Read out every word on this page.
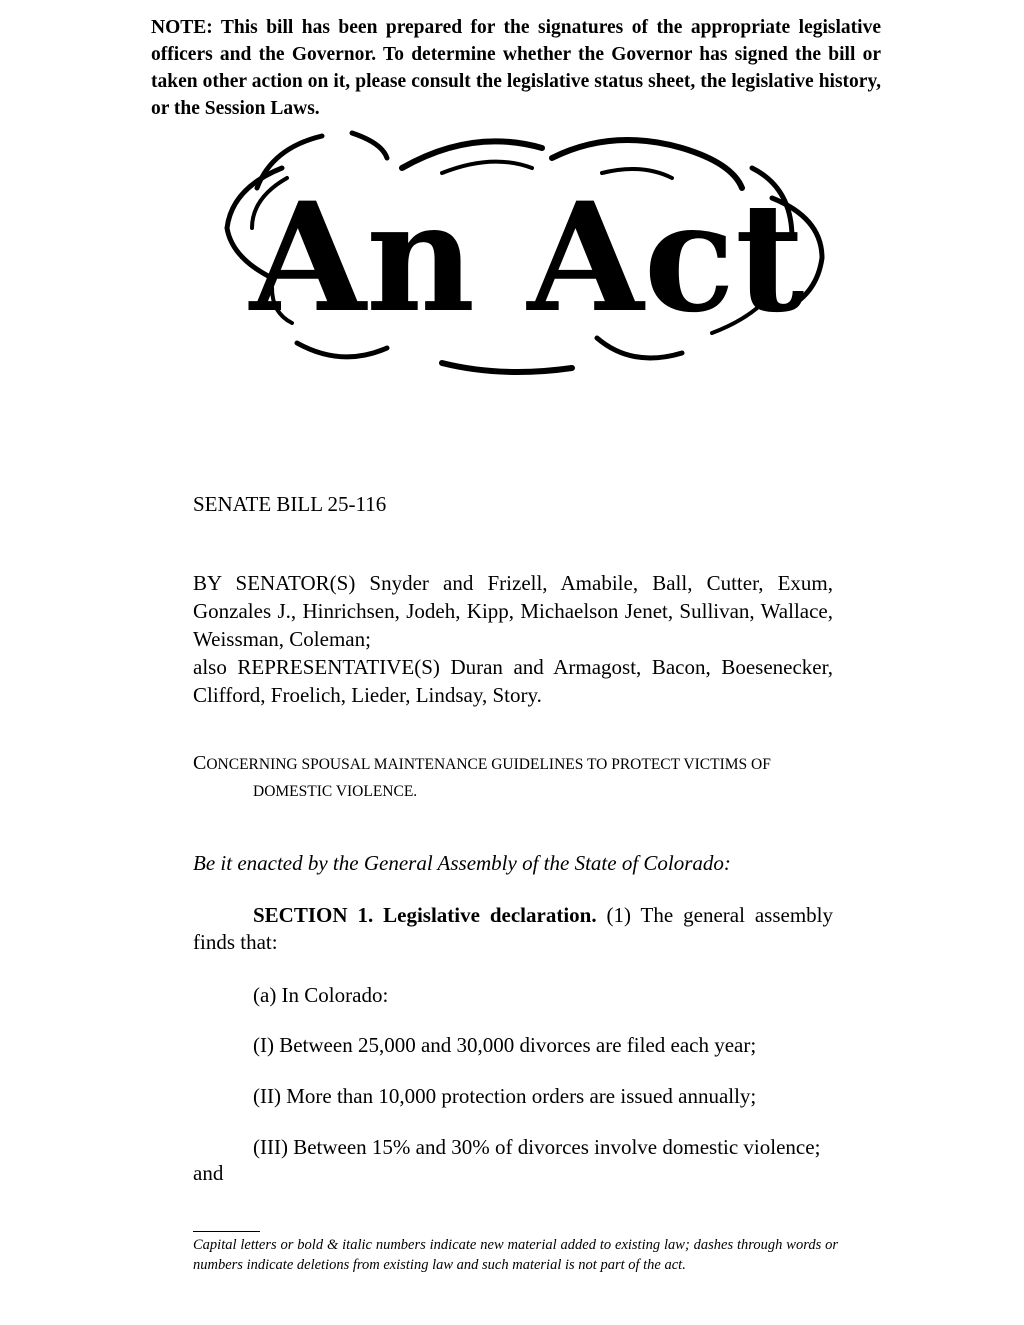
NOTE: This bill has been prepared for the signatures of the appropriate legislative officers and the Governor. To determine whether the Governor has signed the bill or taken other action on it, please consult the legislative status sheet, the legislative history, or the Session Laws.
An Act
SENATE BILL 25-116

BY SENATOR(S) Snyder and Frizell, Amabile, Ball, Cutter, Exum, Gonzales J., Hinrichsen, Jodeh, Kipp, Michaelson Jenet, Sullivan, Wallace, Weissman, Coleman;

also REPRESENTATIVE(S) Duran and Armagost, Bacon, Boesenecker, Clifford, Froelich, Lieder, Lindsay, Story.

CONCERNING SPOUSAL MAINTENANCE GUIDELINES TO PROTECT VICTIMS OF
DOMESTIC VIOLENCE.
Be it enacted by the General Assembly of the State of Colorado:
SECTION 1. Legislative declaration. (1) The general assembly finds that:
(a) In Colorado:
(I) Between 25,000 and 30,000 divorces are filed each year;
(II) More than 10,000 protection orders are issued annually;
(III) Between 15% and 30% of divorces involve domestic violence;
and
Capital letters or bold & italic numbers indicate new material added to existing law; dashes through words or numbers indicate deletions from existing law and such material is not part of the act.
